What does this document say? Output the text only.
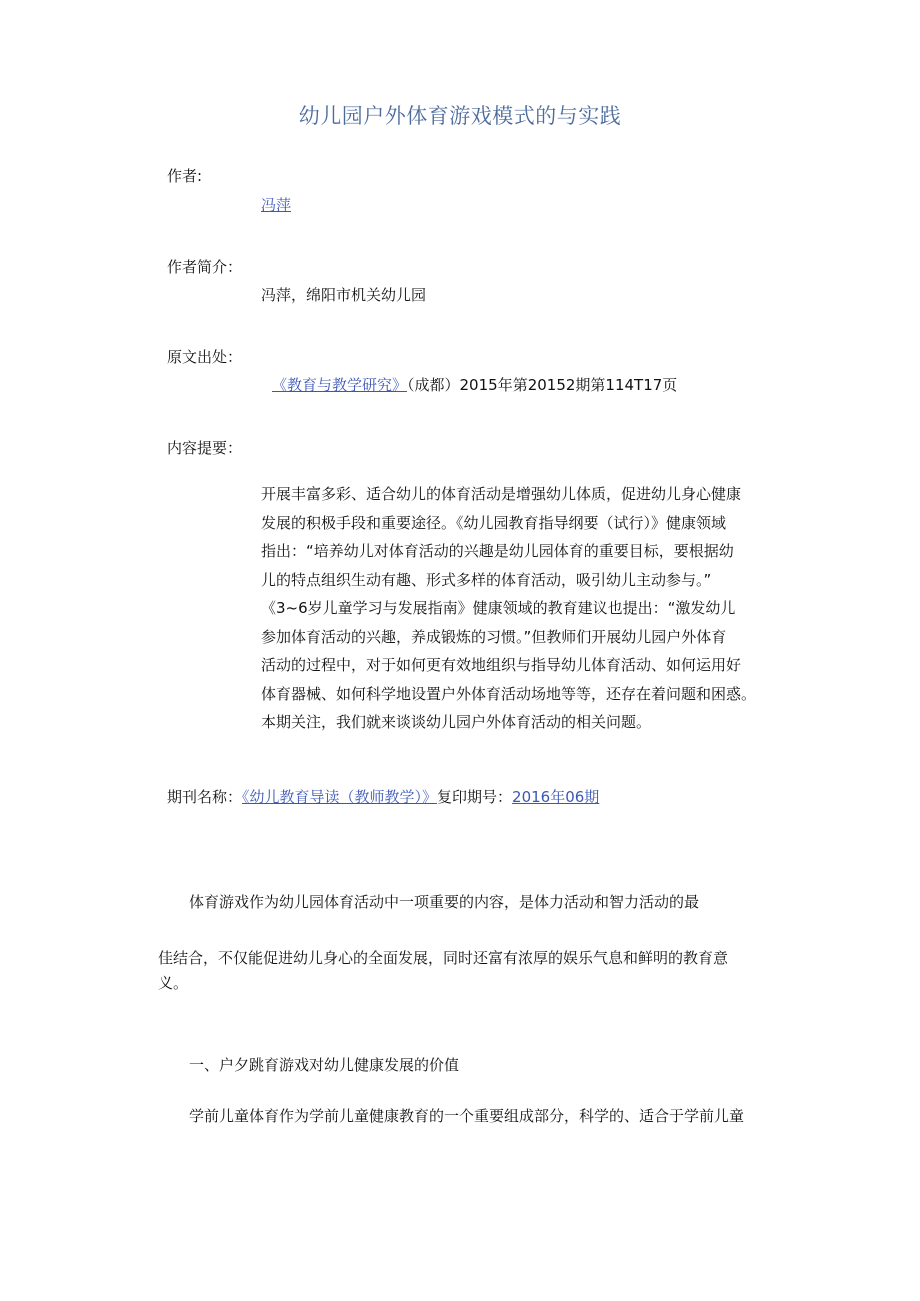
幼儿园户外体育游戏模式的与实践
作者:
冯萍
作者简介：
冯萍，绵阳市机关幼儿园
原文出处：
《教育与教学研究》（成都）2015年第20152期第114T17页
内容提要：
开展丰富多彩、适合幼儿的体育活动是增强幼儿体质，促进幼儿身心健康
发展的积极手段和重要途径。《幼儿园教育指导纲要（试行）》健康领域
指出：“培养幼儿对体育活动的兴趣是幼儿园体育的重要目标，要根据幼
儿的特点组织生动有趣、形式多样的体育活动，吸引幼儿主动参与。”
《3~6岁儿童学习与发展指南》健康领域的教育建议也提出：“激发幼儿
参加体育活动的兴趣，养成锻炼的习惯。”但教师们开展幼儿园户外体育
活动的过程中，对于如何更有效地组织与指导幼儿体育活动、如何运用好
体育器械、如何科学地设置户外体育活动场地等等，还存在着问题和困惑。
本期关注，我们就来谈谈幼儿园户外体育活动的相关问题。
期刊名称：《幼儿教育导读（教师教学）》复印期号：2016年06期
体育游戏作为幼儿园体育活动中一项重要的内容，是体力活动和智力活动的最
佳结合，不仅能促进幼儿身心的全面发展，同时还富有浓厚的娱乐气息和鲜明的教育意
义。
一、户夕跳育游戏对幼儿健康发展的价值
学前儿童体育作为学前儿童健康教育的一个重要组成部分，科学的、适合于学前儿童
